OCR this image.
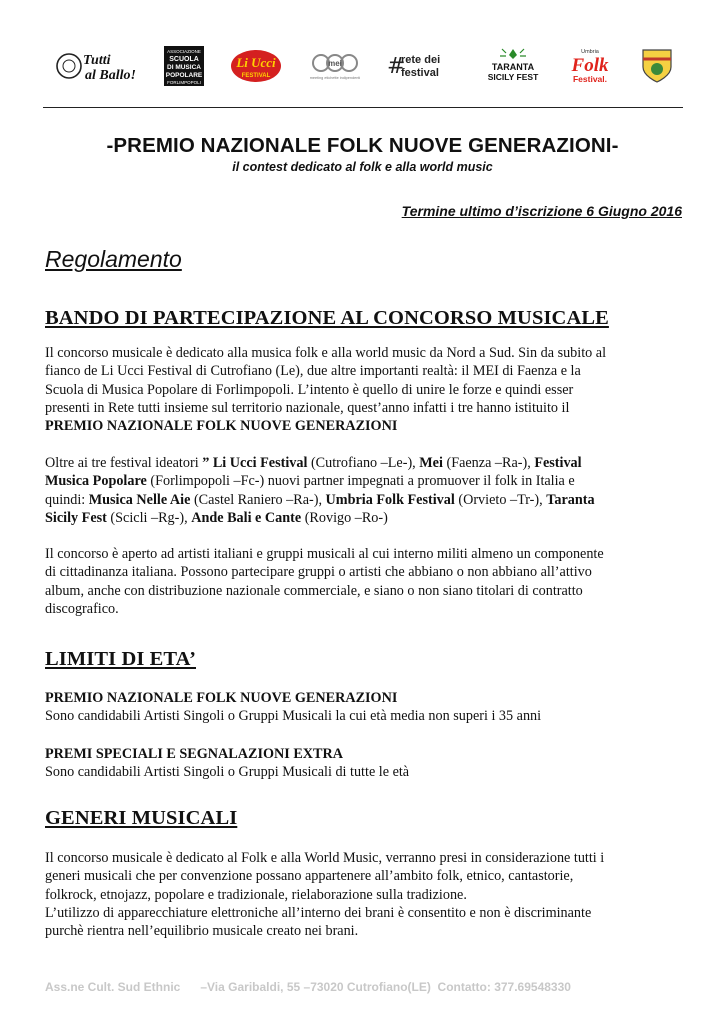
Tutti
al Ballo!
ASSOCIAZIONE
SCUOLA
DI MUSICA
POPOLARE
FORLIMPOPOLI
Li Ucci
FESTIVAL
mei
meeting etichette indipendenti #
rete dei
festival	TARANTA
SICILY FEST
Umbria
Folk
Festival.
-PREMIO NAZIONALE FOLK NUOVE GENERAZIONI-
il contest dedicato al folk e alla world music
Termine ultimo d’iscrizione 6 Giugno 2016
Regolamento
BANDO DI PARTECIPAZIONE AL CONCORSO MUSICALE
Il concorso musicale è dedicato alla musica folk e alla world music da Nord a Sud. Sin da subito al
fianco de Li Ucci Festival di Cutrofiano (Le), due altre importanti realtà: il MEI di Faenza e la
Scuola di Musica Popolare di Forlimpopoli. L’intento è quello di unire le forze e quindi esser
presenti in Rete tutti insieme sul territorio nazionale, quest’anno infatti i tre hanno istituito il
PREMIO NAZIONALE FOLK NUOVE GENERAZIONI
Oltre ai tre festival ideatori ” Li Ucci Festival (Cutrofiano –Le-), Mei (Faenza –Ra-), Festival
Musica Popolare (Forlimpopoli –Fc-) nuovi partner impegnati a promuover il folk in Italia e
quindi: Musica Nelle Aie (Castel Raniero –Ra-), Umbria Folk Festival (Orvieto –Tr-), Taranta
Sicily Fest (Scicli –Rg-), Ande Bali e Cante (Rovigo –Ro-)
Il concorso è aperto ad artisti italiani e gruppi musicali al cui interno militi almeno un componente
di cittadinanza italiana. Possono partecipare gruppi o artisti che abbiano o non abbiano all’attivo
album, anche con distribuzione nazionale commerciale, e siano o non siano titolari di contratto
discografico.
LIMITI DI ETA’
PREMIO NAZIONALE FOLK NUOVE GENERAZIONI
Sono candidabili Artisti Singoli o Gruppi Musicali la cui età media non superi i 35 anni
PREMI SPECIALI E SEGNALAZIONI EXTRA
Sono candidabili Artisti Singoli o Gruppi Musicali di tutte le età
GENERI MUSICALI
Il concorso musicale è dedicato al Folk e alla World Music, verranno presi in considerazione tutti i
generi musicali che per convenzione possano appartenere all’ambito folk, etnico, cantastorie,
folkrock, etnojazz, popolare e tradizionale, rielaborazione sulla tradizione.
L’utilizzo di apparecchiature elettroniche all’interno dei brani è consentito e non è discriminante
purchè rientra nell’equilibrio musicale creato nei brani.
Ass.ne Cult. Sud Ethnic      –Via Garibaldi, 55 –73020 Cutrofiano(LE)  Contatto: 377.69548330
